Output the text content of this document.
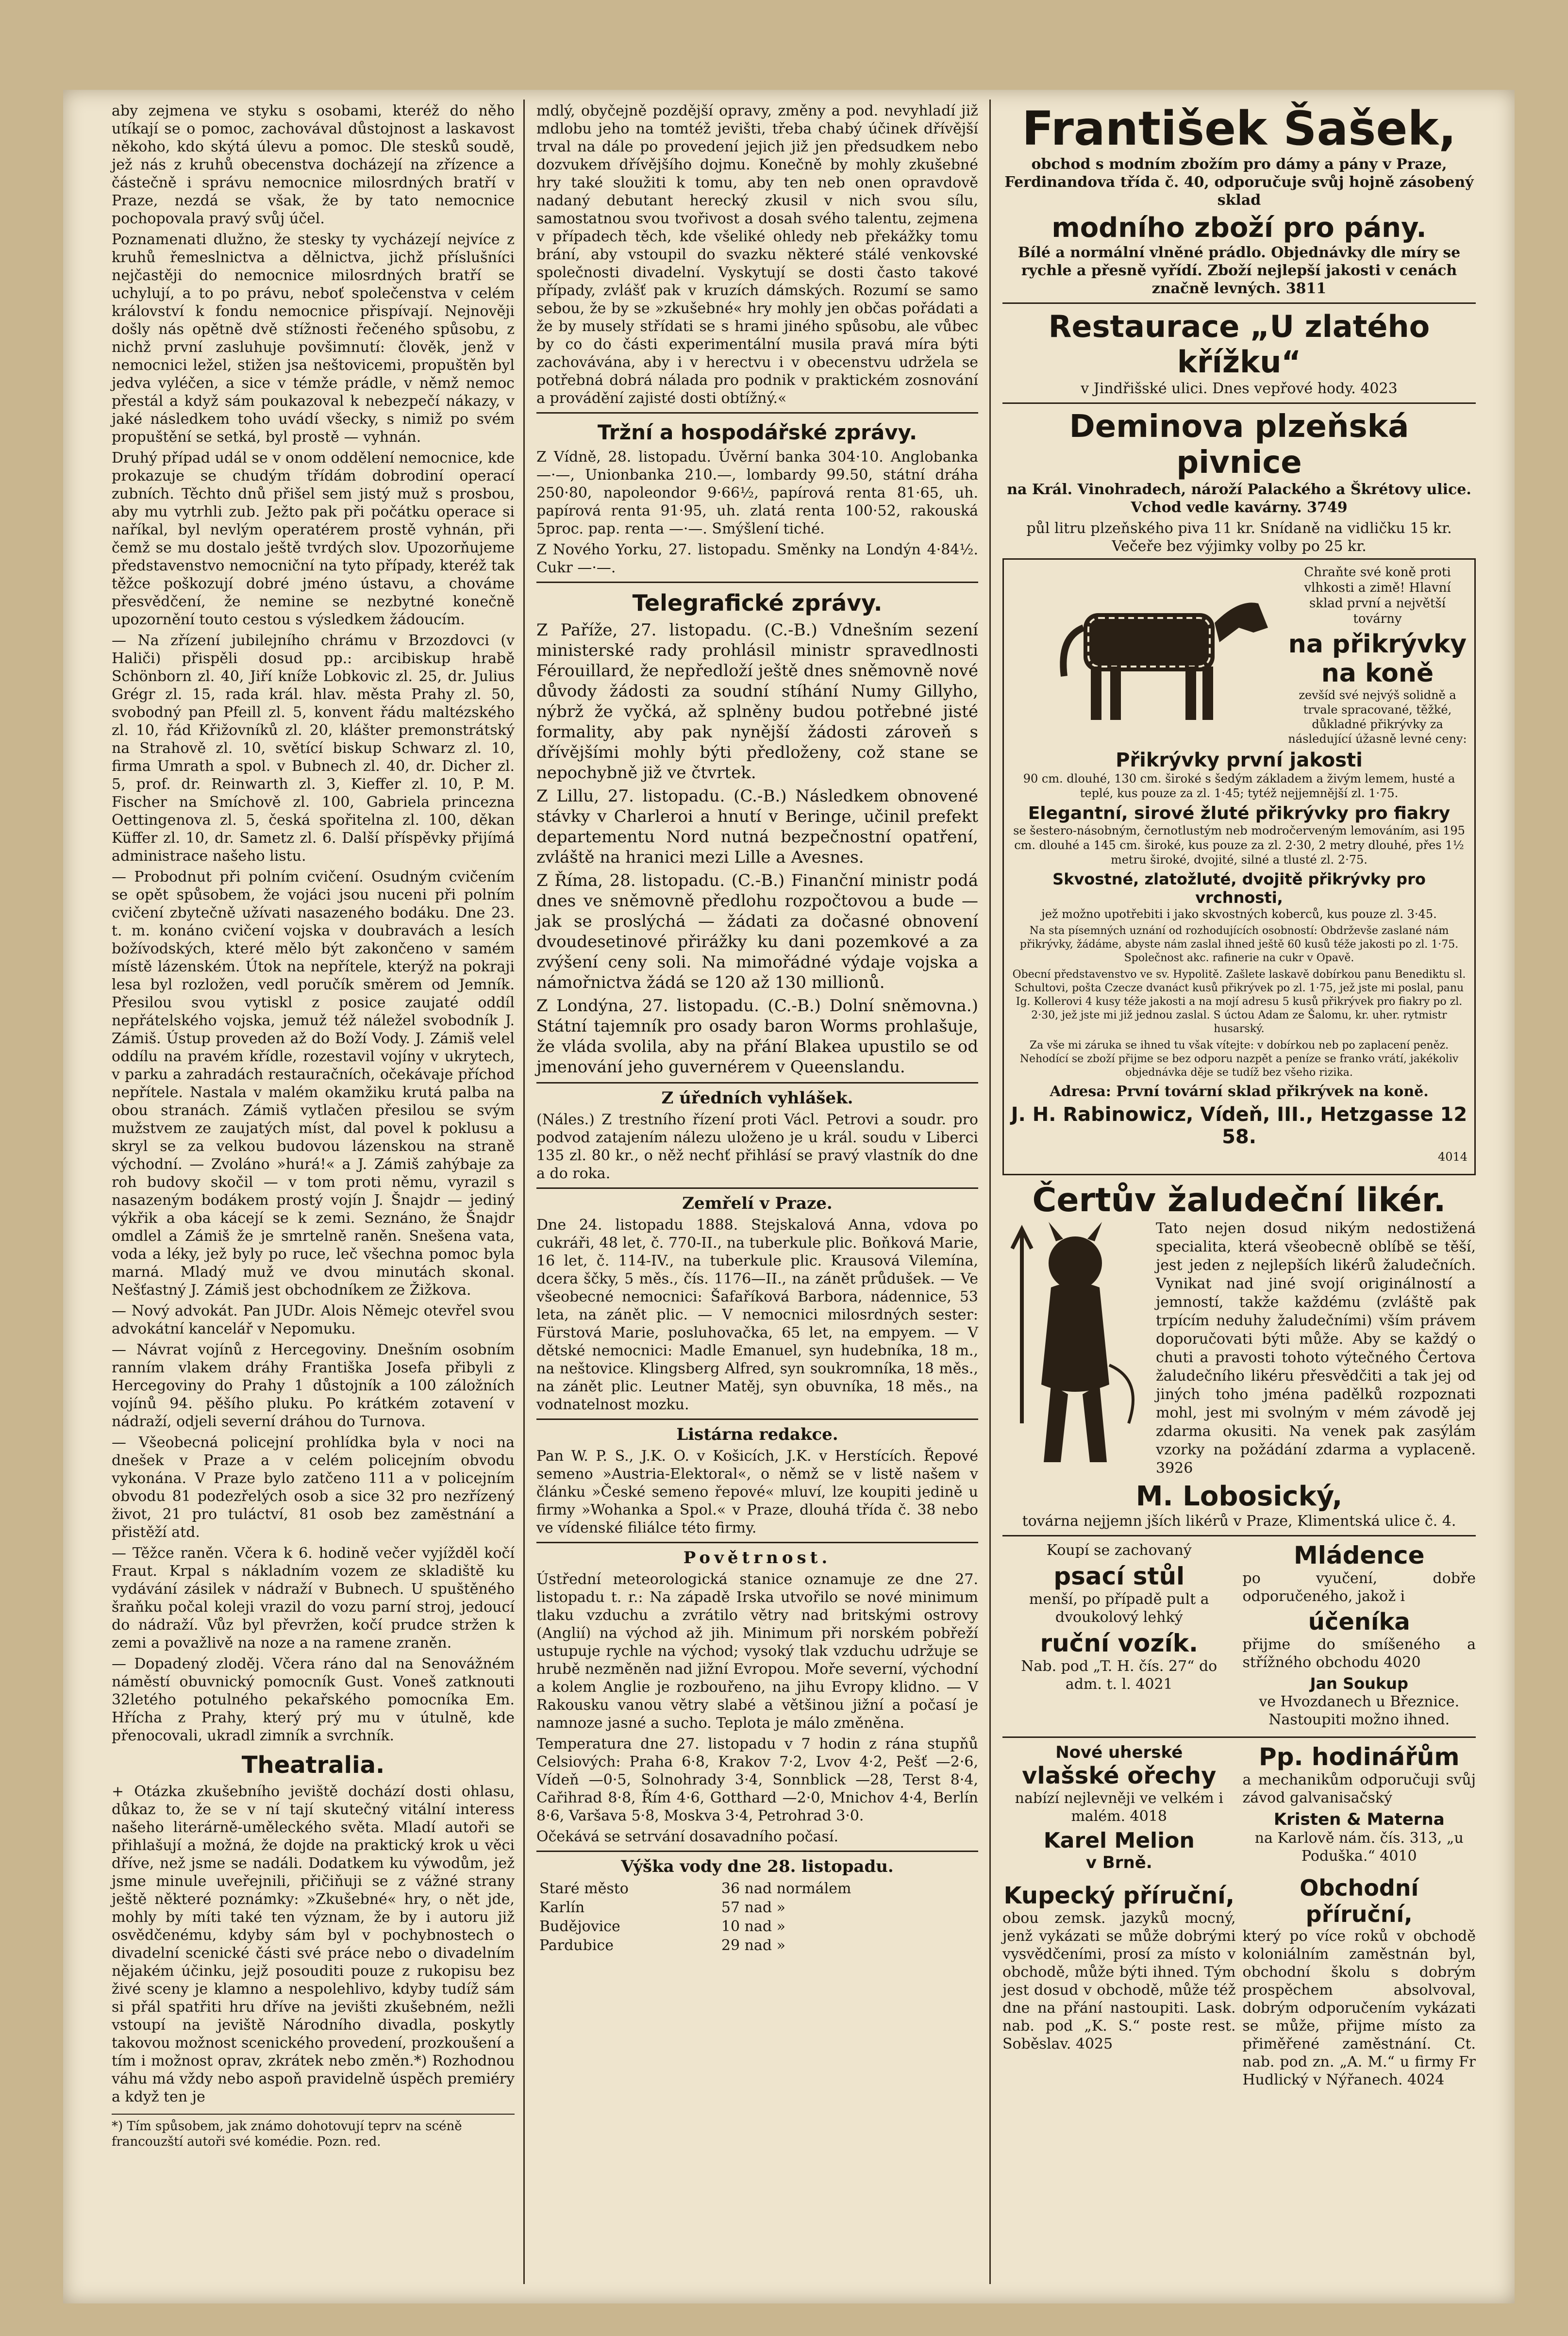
aby zejmena ve styku s osobami, kteréž do něho utíkají se o pomoc, zachovával důstojnost a laskavost někoho, kdo skýtá úlevu a pomoc. Dle stesků soudě, jež nás z kruhů obecenstva docházejí na zřízence a částečně i správu nemocnice milosrdných bratří v Praze, nezdá se však, že by tato nemocnice pochopovala pravý svůj účel.

Poznamenati dlužno, že stesky ty vycházejí nejvíce z kruhů řemeslnictva a dělnictva, jichž příslušníci nejčastěji do nemocnice milosrdných bratří se uchylují, a to po právu, neboť společenstva v celém království k fondu nemocnice přispívají. Nejnověji došly nás opětně dvě stížnosti řečeného spůsobu, z nichž první zasluhuje povšimnutí: člověk, jenž v nemocnici ležel, stižen jsa neštovicemi, propuštěn byl jedva vyléčen, a sice v témže prádle, v němž nemoc přestál a když sám poukazoval k nebezpečí nákazy, v jaké následkem toho uvádí všecky, s nimiž po svém propuštění se setká, byl prostě — vyhnán.

Druhý případ udál se v onom oddělení nemocnice, kde prokazuje se chudým třídám dobrodiní operací zubních. Těchto dnů přišel sem jistý muž s prosbou, aby mu vytrhli zub. Ježto pak při počátku operace si naříkal, byl nevlým operatérem prostě vyhnán, při čemž se mu dostalo ještě tvrdých slov. Upozorňujeme představenstvo nemocniční na tyto případy, kteréž tak těžce poškozují dobré jméno ústavu, a chováme přesvědčení, že nemine se nezbytné konečně upozornění touto cestou s výsledkem žádoucím.

— Na zřízení jubilejního chrámu v Brzozdovci (v Haliči) přispěli dosud pp.: arcibiskup hrabě Schönborn zl. 40, Jiří kníže Lobkovic zl. 25, dr. Julius Grégr zl. 15, rada král. hlav. města Prahy zl. 50, svobodný pan Pfeill zl. 5, konvent řádu maltézského zl. 10, řád Křižovníků zl. 20, klášter premonstrátský na Strahově zl. 10, světící biskup Schwarz zl. 10, firma Umrath a spol. v Bubnech zl. 40, dr. Dicher zl. 5, prof. dr. Reinwarth zl. 3, Kieffer zl. 10, P. M. Fischer na Smíchově zl. 100, Gabriela princezna Oettingenova zl. 5, česká spořitelna zl. 100, děkan Küffer zl. 10, dr. Sametz zl. 6. Další příspěvky přijímá administrace našeho listu.

— Probodnut při polním cvičení. Osudným cvičením se opět spůsobem, že vojáci jsou nuceni při polním cvičení zbytečně užívati nasazeného bodáku. Dne 23. t. m. konáno cvičení vojska v doubravách a lesích božívodských, které mělo být zakončeno v samém místě lázenském. Útok na nepřítele, kterýž na pokraji lesa byl rozložen, vedl poručík směrem od Jemník. Přesilou svou vytiskl z posice zaujaté oddíl nepřátelského vojska, jemuž též náležel svobodník J. Zámiš. Ústup proveden až do Boží Vody. J. Zámiš velel oddílu na pravém křídle, rozestavil vojíny v ukrytech, v parku a zahradách restauračních, očekávaje příchod nepřítele. Nastala v malém okamžiku krutá palba na obou stranách. Zámiš vytlačen přesilou se svým mužstvem ze zaujatých míst, dal povel k poklusu a skryl se za velkou budovou lázenskou na straně východní. — Zvoláno »hurá!« a J. Zámiš zahýbaje za roh budovy skočil — v tom proti němu, vyrazil s nasazeným bodákem prostý vojín J. Šnajdr — jediný výkřik a oba kácejí se k zemi. Seznáno, že Šnajdr omdlel a Zámiš že je smrtelně raněn. Snešena vata, voda a léky, jež byly po ruce, leč všechna pomoc byla marná. Mladý muž ve dvou minutách skonal. Nešťastný J. Zámiš jest obchodníkem ze Žižkova.

— Nový advokát. Pan JUDr. Alois Němejc otevřel svou advokátní kancelář v Nepomuku.

— Návrat vojínů z Hercegoviny. Dnešním osobním ranním vlakem dráhy Františka Josefa přibyli z Hercegoviny do Prahy 1 důstojník a 100 záložních vojínů 94. pěšího pluku. Po krátkém zotavení v nádraží, odjeli severní dráhou do Turnova.

— Všeobecná policejní prohlídka byla v noci na dnešek v Praze a v celém policejním obvodu vykonána. V Praze bylo zatčeno 111 a v policejním obvodu 81 podezřelých osob a sice 32 pro nezřízený život, 21 pro tuláctví, 81 osob bez zaměstnání a přistěží atd.

— Těžce raněn. Včera k 6. hodině večer vyjížděl kočí Fraut. Krpal s nákladním vozem ze skladiště ku vydávání zásilek v nádraží v Bubnech. U spuštěného šraňku počal koleji vrazil do vozu parní stroj, jedoucí do nádraží. Vůz byl převržen, kočí prudce stržen k zemi a považlivě na noze a na ramene zraněn.

— Dopadený zloděj. Včera ráno dal na Senovážném náměstí obuvnický pomocník Gust. Voneš zatknouti 32letého potulného pekařského pomocníka Em. Hřícha z Prahy, který prý mu v útulně, kde přenocovali, ukradl zimník a svrchník.

Theatralia.

+ Otázka zkušebního jeviště dochází dosti ohlasu, důkaz to, že se v ní tají skutečný vitální interess našeho literárně-uměleckého světa. Mladí autoři se přihlašují a možná, že dojde na praktický krok u věci dříve, než jsme se nadáli. Dodatkem ku výwodům, jež jsme minule uveřejnili, přičiňuji se z vážné strany ještě některé poznámky: »Zkušebné« hry, o nět jde, mohly by míti také ten význam, že by i autoru již osvědčenému, kdyby sám byl v pochybnostech o divadelní scenické části své práce nebo o divadelním nějakém účinku, jejž posouditi pouze z rukopisu bez živé sceny je klamno a nespolehlivo, kdyby tudíž sám si přál spatřiti hru dříve na jevišti zkušebném, nežli vstoupí na jeviště Národního divadla, poskytly takovou možnost scenického provedení, prozkoušení a tím i možnost oprav, zkrátek nebo změn.*) Rozhodnou váhu má vždy nebo aspoň pravidelně úspěch premiéry a když ten je

*) Tím spůsobem, jak známo dohotovují teprv na scéně francouzští autoři své komédie. Pozn. red.

mdlý, obyčejně pozdější opravy, změny a pod. nevyhladí již mdlobu jeho na tomtéž jevišti, třeba chabý účinek dřívější trval na dále po provedení jejich již jen předsudkem nebo dozvukem dřívějšího dojmu. Konečně by mohly zkušebné hry také sloužiti k tomu, aby ten neb onen opravdově nadaný debutant herecký zkusil v nich svou sílu, samostatnou svou tvořivost a dosah svého talentu, zejmena v případech těch, kde všeliké ohledy neb překážky tomu brání, aby vstoupil do svazku některé stálé venkovské společnosti divadelní. Vyskytují se dosti často takové případy, zvlášť pak v kruzích dámských. Rozumí se samo sebou, že by se »zkušebné« hry mohly jen občas pořádati a že by musely střídati se s hrami jiného spůsobu, ale vůbec by co do části experimentální musila pravá míra býti zachovávána, aby i v herectvu i v obecenstvu udržela se potřebná dobrá nálada pro podnik v praktickém zosnování a provádění zajisté dosti obtížný.«

Tržní a hospodářské zprávy.

Z Vídně, 28. listopadu. Úvěrní banka 304·10. Anglobanka —·—, Unionbanka 210.—, lombardy 99.50, státní dráha 250·80, napoleondor 9·66½, papírová renta 81·65, uh. papírová renta 91·95, uh. zlatá renta 100·52, rakouská 5proc. pap. renta —·—. Smýšlení tiché.

Z Nového Yorku, 27. listopadu. Směnky na Londýn 4·84½. Cukr —·—.

Telegrafické zprávy.

Z Paříže, 27. listopadu. (C.-B.) Vdnešním sezení ministerské rady prohlásil ministr spravedlnosti Férouillard, že nepředloží ještě dnes sněmovně nové důvody žádosti za soudní stíhání Numy Gillyho, nýbrž že vyčká, až splněny budou potřebné jisté formality, aby pak nynější žádosti zároveň s dřívějšími mohly býti předloženy, což stane se nepochybně již ve čtvrtek.

Z Lillu, 27. listopadu. (C.-B.) Následkem obnovené stávky v Charleroi a hnutí v Beringe, učinil prefekt departementu Nord nutná bezpečnostní opatření, zvláště na hranici mezi Lille a Avesnes.

Z Říma, 28. listopadu. (C.-B.) Finanční ministr podá dnes ve sněmovně předlohu rozpočtovou a bude — jak se proslýchá — žádati za dočasné obnovení dvoudesetinové přirážky ku dani pozemkové a za zvýšení ceny soli. Na mimořádné výdaje vojska a námořnictva žádá se 120 až 130 millionů.

Z Londýna, 27. listopadu. (C.-B.) Dolní sněmovna.) Státní tajemník pro osady baron Worms prohlašuje, že vláda svolila, aby na přání Blakea upustilo se od jmenování jeho guvernérem v Queenslandu.

Z úředních vyhlášek.

(Náles.) Z trestního řízení proti Václ. Petrovi a soudr. pro podvod zatajením nálezu uloženo je u král. soudu v Liberci 135 zl. 80 kr., o něž nechť přihlásí se pravý vlastník do dne a do roka.

Zemřelí v Praze.

Dne 24. listopadu 1888. Stejskalová Anna, vdova po cukráři, 48 let, č. 770-II., na tuberkule plic. Boňková Marie, 16 let, č. 114-IV., na tuberkule plic. Krausová Vilemína, dcera ščky, 5 měs., čís. 1176—II., na zánět průdušek. — Ve všeobecné nemocnici: Šafaříková Barbora, nádennice, 53 leta, na zánět plic. — V nemocnici milosrdných sester: Fürstová Marie, posluhovačka, 65 let, na empyem. — V dětské nemocnici: Madle Emanuel, syn hudebníka, 18 m., na neštovice. Klingsberg Alfred, syn soukromníka, 18 měs., na zánět plic. Leutner Matěj, syn obuvníka, 18 měs., na vodnatelnost mozku.

Listárna redakce.

Pan W. P. S., J.K. O. v Košicích, J.K. v Herstících. Řepové semeno »Austria-Elektoral«, o němž se v listě našem v článku »České semeno řepové« mluví, lze koupiti jedině u firmy »Wohanka a Spol.« v Praze, dlouhá třída č. 38 nebo ve vídenské filiálce této firmy.

Povětrnost.

Ústřední meteorologická stanice oznamuje ze dne 27. listopadu t. r.: Na západě Irska utvořilo se nové minimum tlaku vzduchu a zvrátilo větry nad britskými ostrovy (Anglií) na východ až jih. Minimum při norském pobřeží ustupuje rychle na východ; vysoký tlak vzduchu udržuje se hrubě nezměněn nad jižní Evropou. Moře severní, východní a kolem Anglie je rozbouřeno, na jihu Evropy klidno. — V Rakousku vanou větry slabé a většinou jižní a počasí je namnoze jasné a sucho. Teplota je málo změněna.

Temperatura dne 27. listopadu v 7 hodin z rána stupňů Celsiových: Praha 6·8, Krakov 7·2, Lvov 4·2, Pešť —2·6, Vídeň —0·5, Solnohrady 3·4, Sonnblick —28, Terst 8·4, Cařihrad 8·8, Řím 4·6, Gotthard —2·0, Mnichov 4·4, Berlín 8·6, Varšava 5·8, Moskva 3·4, Petrohrad 3·0.

Očekává se setrvání dosavadního počasí.

Výška vody dne 28. listopadu.
Staré město	36 nad normálem
Karlín	57 nad »
Budějovice	10 nad »
Pardubice	29 nad »
František Šašek,

obchod s modním zbožím pro dámy a pány v Praze, Ferdinandova třída č. 40, odporučuje svůj hojně zásobený sklad

modního zboží pro pány.

Bílé a normální vlněné prádlo. Objednávky dle míry se rychle a přesně vyřídí. Zboží nejlepší jakosti v cenách značně levných. 3811

Restaurace „U zlatého křížku“

v Jindřišské ulici. Dnes vepřové hody. 4023

Deminova plzeňská pivnice

na Král. Vinohradech, nároží Palackého a Škrétovy ulice. Vchod vedle kavárny. 3749

půl litru plzeňského piva 11 kr. Snídaně na vidličku 15 kr. Večeře bez výjimky volby po 25 kr.

Chraňte své koně proti vlhkosti a zimě! Hlavní sklad první a největší továrny

na přikrývky na koně

zevšíd své nejvýš solidně a trvale spracované, těžké, důkladné přikrývky za následující úžasně levné ceny:

Přikrývky první jakosti

90 cm. dlouhé, 130 cm. široké s šedým základem a živým lemem, husté a teplé, kus pouze za zl. 1·45; tytéž nejjemnější zl. 1·75.

Elegantní, sirové žluté přikrývky pro fiakry

se šestero-násobným, černotlustým neb modročerveným lemováním, asi 195 cm. dlouhé a 145 cm. široké, kus pouze za zl. 2·30, 2 metry dlouhé, přes 1½ metru široké, dvojité, silné a tlusté zl. 2·75.

Skvostné, zlatožluté, dvojitě přikrývky pro vrchnosti,

jež možno upotřebiti i jako skvostných koberců, kus pouze zl. 3·45.

Na sta písemných uznání od rozhodujících osobností: Obdrževše zaslané nám přikrývky, žádáme, abyste nám zaslal ihned ještě 60 kusů téže jakosti po zl. 1·75. Společnost akc. rafinerie na cukr v Opavě.

Obecní představenstvo ve sv. Hypolitě. Zašlete laskavě dobírkou panu Benediktu sl. Schultovi, pošta Czecze dvanáct kusů přikrývek po zl. 1·75, jež jste mi poslal, panu Ig. Kollerovi 4 kusy téže jakosti a na mojí adresu 5 kusů přikrývek pro fiakry po zl. 2·30, jež jste mi již jednou zaslal. S úctou Adam ze Šalomu, kr. uher. rytmistr husarský.

Za vše mi záruka se ihned tu však vítejte: v dobírkou neb po zaplacení peněz. Nehodící se zboží přijme se bez odporu nazpět a peníze se franko vrátí, jakékoliv objednávka děje se tudíž bez všeho rizika.

Adresa: První tovární sklad přikrývek na koně.

J. H. Rabinowicz, Vídeň, III., Hetzgasse 12 58.

4014

Čertův žaludeční likér.

Tato nejen dosud nikým nedostižená specialita, která všeobecně oblíbě se těší, jest jeden z nejlepších likérů žaludečních. Vynikat nad jiné svojí originálností a jemností, takže každému (zvláště pak trpícím neduhy žaludečními) vším právem doporučovati býti může. Aby se každý o chuti a pravosti tohoto výtečného Čertova žaludečního likéru přesvědčiti a tak jej od jiných toho jména padělků rozpoznati mohl, jest mi svolným v mém závodě jej zdarma okusiti. Na venek pak zasýlám vzorky na požádání zdarma a vyplaceně. 3926

M. Lobosický,

továrna nejjemn jších likérů v Praze, Klimentská ulice č. 4.

Koupí se zachovaný

psací stůl

menší, po případě pult a dvoukolový lehký

ruční vozík.

Nab. pod „T. H. čís. 27“ do adm. t. l. 4021

Mládence

po vyučení, dobře odporučeného, jakož i

účeníka

přijme do smíšeného a střížného obchodu 4020

Jan Soukup

ve Hvozdanech u Březnice. Nastoupiti možno ihned.

Nové uherské
vlašské ořechy

nabízí nejlevněji ve velkém i malém. 4018

Karel Melion
v Brně.
Kupecký příruční,

obou zemsk. jazyků mocný, jenž vykázati se může dobrými vysvědčeními, prosí za místo v obchodě, může býti ihned. Tým jest dosud v obchodě, může též dne na přání nastoupiti. Lask. nab. pod „K. S.“ poste rest. Soběslav. 4025

Pp. hodinářům

a mechanikům odporučuji svůj závod galvanisačský

Kristen & Materna

na Karlově nám. čís. 313, „u Poduška.“ 4010

Obchodní příruční,

který po více roků v obchodě koloniálním zaměstnán byl, obchodní školu s dobrým prospěchem absolvoval, dobrým odporučením vykázati se může, přijme místo za přiměřené zaměstnání. Ct. nab. pod zn. „A. M.“ u firmy Fr Hudlický v Nýřanech. 4024
